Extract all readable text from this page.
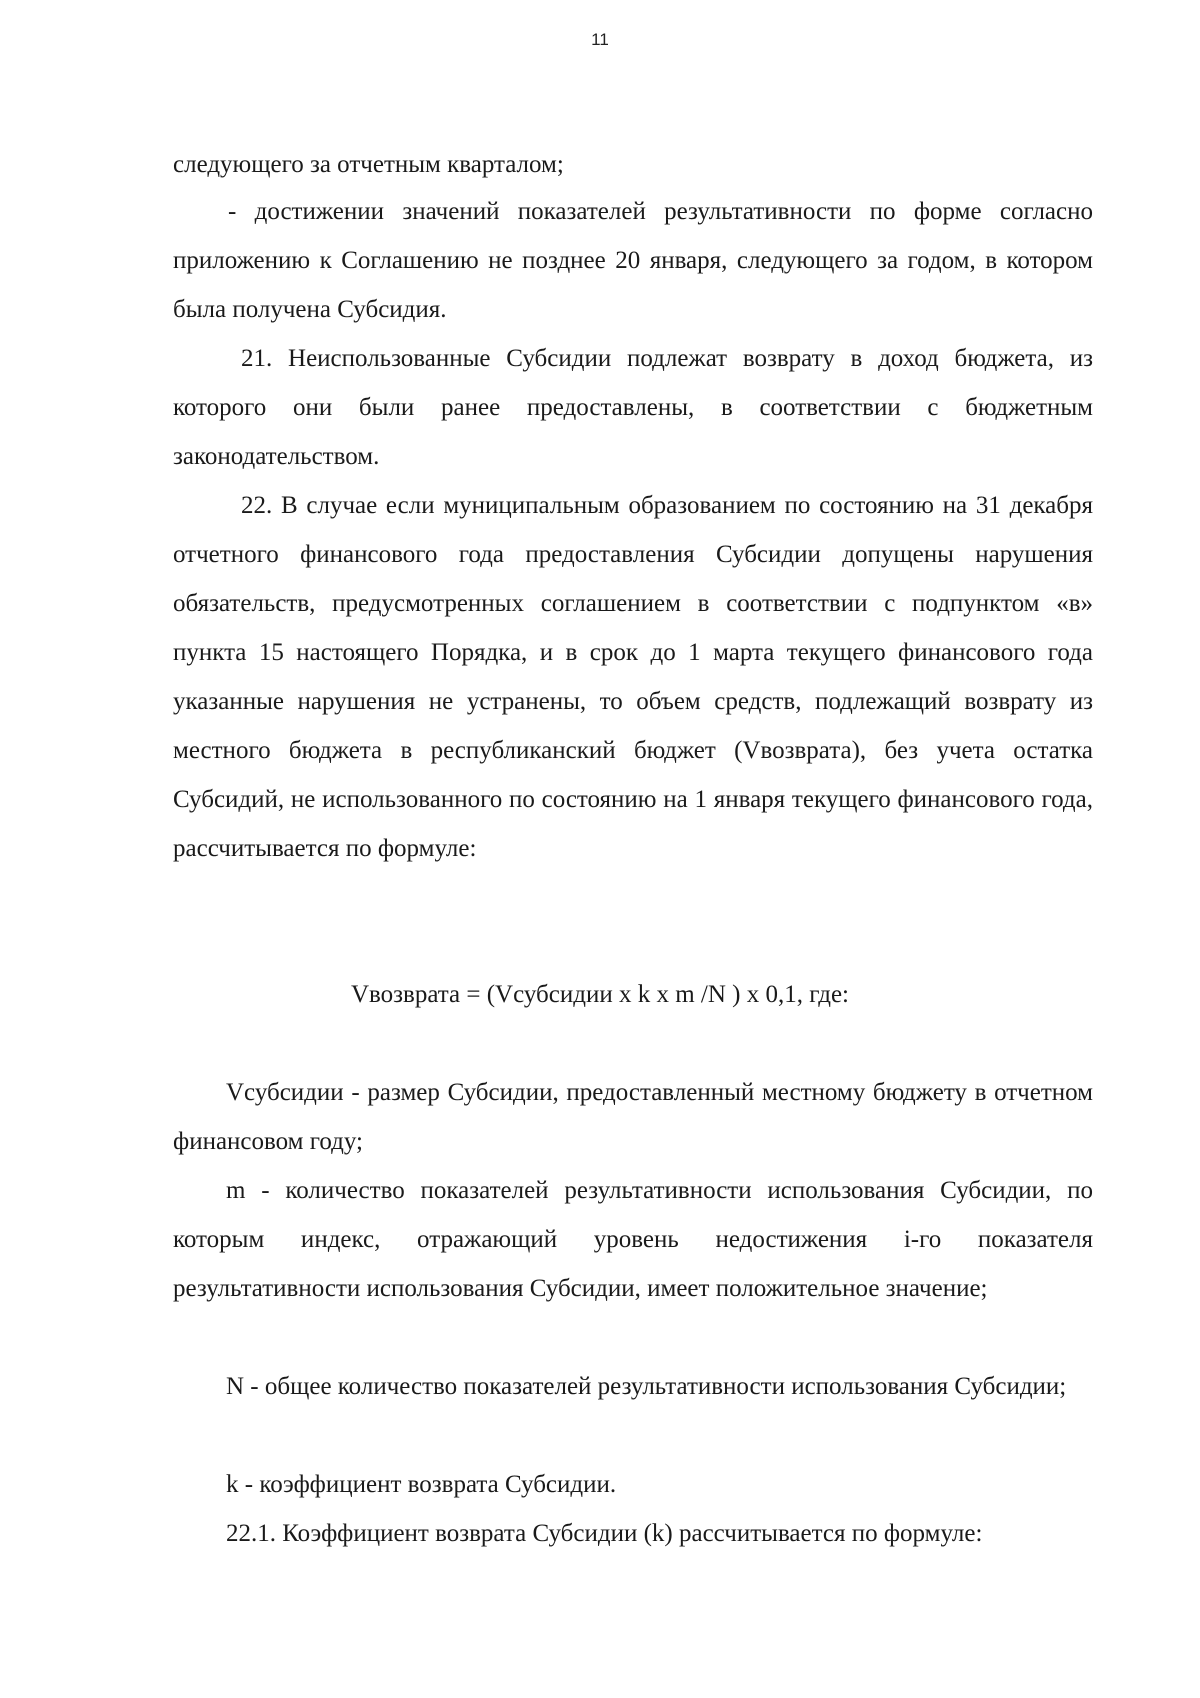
11

следующего за отчетным кварталом;

- достижении значений показателей результативности по форме согласно приложению к Соглашению не позднее 20 января, следующего за годом, в котором была получена Субсидия.

21. Неиспользованные Субсидии подлежат возврату в доход бюджета, из которого они были ранее предоставлены, в соответствии с бюджетным законодательством.

22. В случае если муниципальным образованием по состоянию на 31 декабря отчетного финансового года предоставления Субсидии допущены нарушения обязательств, предусмотренных соглашением в соответствии с подпунктом «в» пункта 15 настоящего Порядка, и в срок до 1 марта текущего финансового года указанные нарушения не устранены, то объем средств, подлежащий возврату из местного бюджета в республиканский бюджет (Vвозврата), без учета остатка Субсидий, не использованного по состоянию на 1 января текущего финансового года, рассчитывается по формуле:

Vвозврата = (Vсубсидии x k x m /N ) x 0,1, где:

Vсубсидии - размер Субсидии, предоставленный местному бюджету в отчетном финансовом году;

m - количество показателей результативности использования Субсидии, по которым индекс, отражающий уровень недостижения i-го показателя результативности использования Субсидии, имеет положительное значение;

N - общее количество показателей результативности использования Субсидии;

k - коэффициент возврата Субсидии.

22.1. Коэффициент возврата Субсидии (k) рассчитывается по формуле:
